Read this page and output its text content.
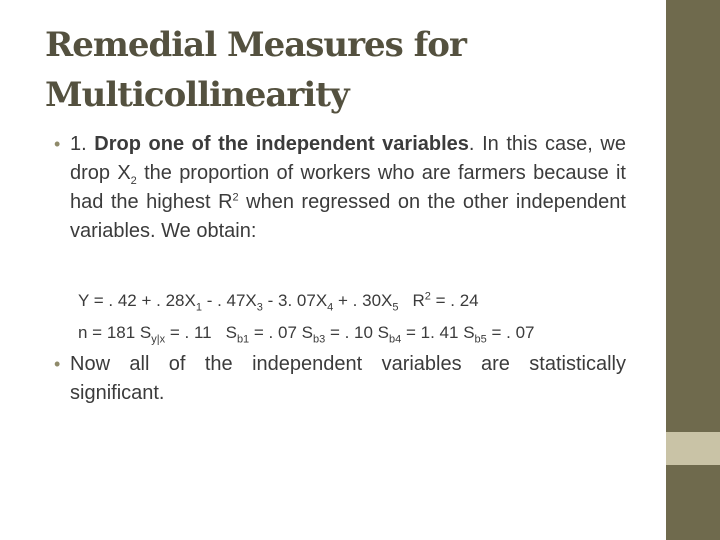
Remedial Measures for
Multicollinearity
• 1. Drop one of the independent variables. In this case, we drop $X_2$ the proportion of workers who are farmers because it had the highest $R^2$ when regressed on the other independent variables. We obtain:
Y = . 42 + . $28X_1$ - . $47X_3 - 3$. $07X_4$ + . $30X_5$ $R^2$ = . 24
n = 181 $S_{y|x}$ = . 11 $S_{b1}$ = . 07 $S_{b3}$ = . 10 $S_{b4} = 1$. 41 $S_{b5}$ = . 07
• Now all of the independent variables are statistically significant.
